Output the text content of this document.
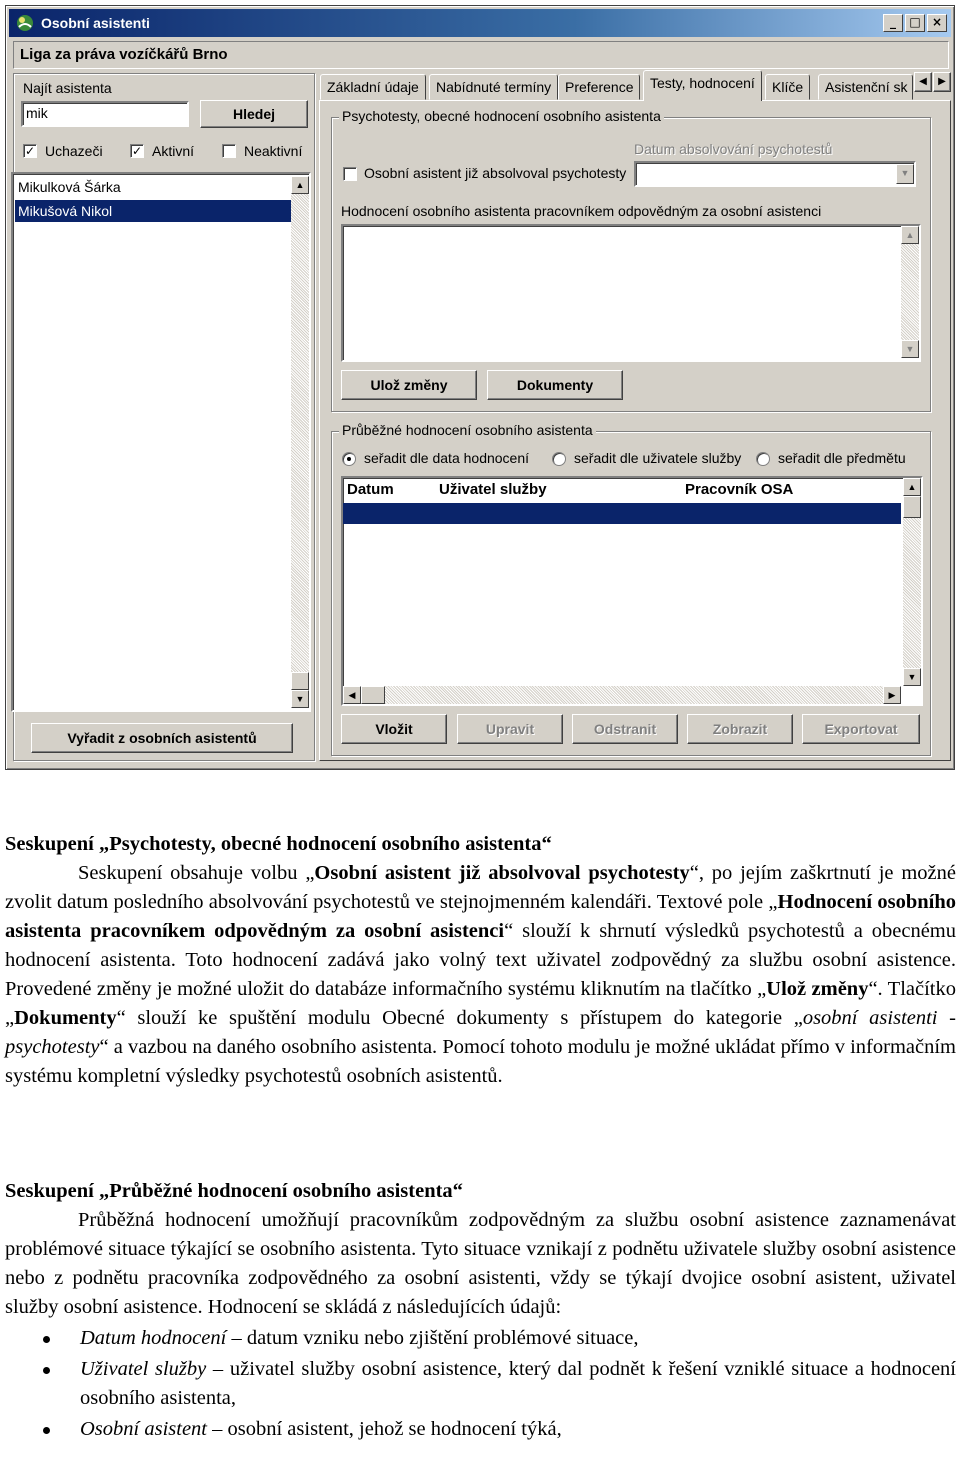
Osobní asistenti	_	□ ×
Liga za práva vozíčkářů Brno
Najít asistenta
mik	Hledej
✓ Uchazeči ✓ Aktivní	Neaktivní
Mikulková Šárka
Mikušová Nikol
▲
▼
Vyřadit z osobních asistentů
Základní údaje	Nabídnuté termíny Preference	Testy, hodnocení	Klíče	Asistenční sk	◀	▶
Psychotesty, obecné hodnocení osobního asistenta
Datum absolvování psychotestů
Osobní asistent již absolvoval psychotesty	▼
Hodnocení osobního asistenta pracovníkem odpovědným za osobní asistenci
▲
▼
Ulož změny	Dokumenty
Průběžné hodnocení osobního asistenta
seřadit dle data hodnocení	seřadit dle uživatele služby	seřadit dle předmětu
Datum	Uživatel služby	Pracovník OSA	▲
▼
◀	▶
Vložit	Upravit	Odstranit	Zobrazit	Exportovat

Seskupení „Psychotesty, obecné hodnocení osobního asistenta“

Seskupení obsahuje volbu „Osobní asistent již absolvoval psychotesty“, po jejím zaškrtnutí je možné zvolit datum posledního absolvování psychotestů ve stejnojmenném kalendáři. Textové pole „Hodnocení osobního asistenta pracovníkem odpovědným za osobní asistenci“ slouží k shrnutí výsledků psychotestů a obecnému hodnocení asistenta. Toto hodnocení zadává jako volný text uživatel zodpovědný za službu osobní asistence. Provedené změny je možné uložit do databáze informačního systému kliknutím na tlačítko „Ulož změny“. Tlačítko „Dokumenty“ slouží ke spuštění modulu Obecné dokumenty s přístupem do kategorie „osobní asistenti - psychotesty“ a vazbou na daného osobního asistenta. Pomocí tohoto modulu je možné ukládat přímo v informačním systému kompletní výsledky psychotestů osobních asistentů.

Seskupení „Průběžné hodnocení osobního asistenta“

Průběžná hodnocení umožňují pracovníkům zodpovědným za službu osobní asistence zaznamenávat problémové situace týkající se osobního asistenta. Tyto situace vznikají z podnětu uživatele služby osobní asistence nebo z podnětu pracovníka zodpovědného za osobní asistenti, vždy se týkají dvojice osobní asistent, uživatel služby osobní asistence. Hodnocení se skládá z následujících údajů:

Datum hodnocení – datum vzniku nebo zjištění problémové situace,
Uživatel služby – uživatel služby osobní asistence, který dal podnět k řešení vzniklé situace a hodnocení osobního asistenta,
Osobní asistent – osobní asistent, jehož se hodnocení týká,
